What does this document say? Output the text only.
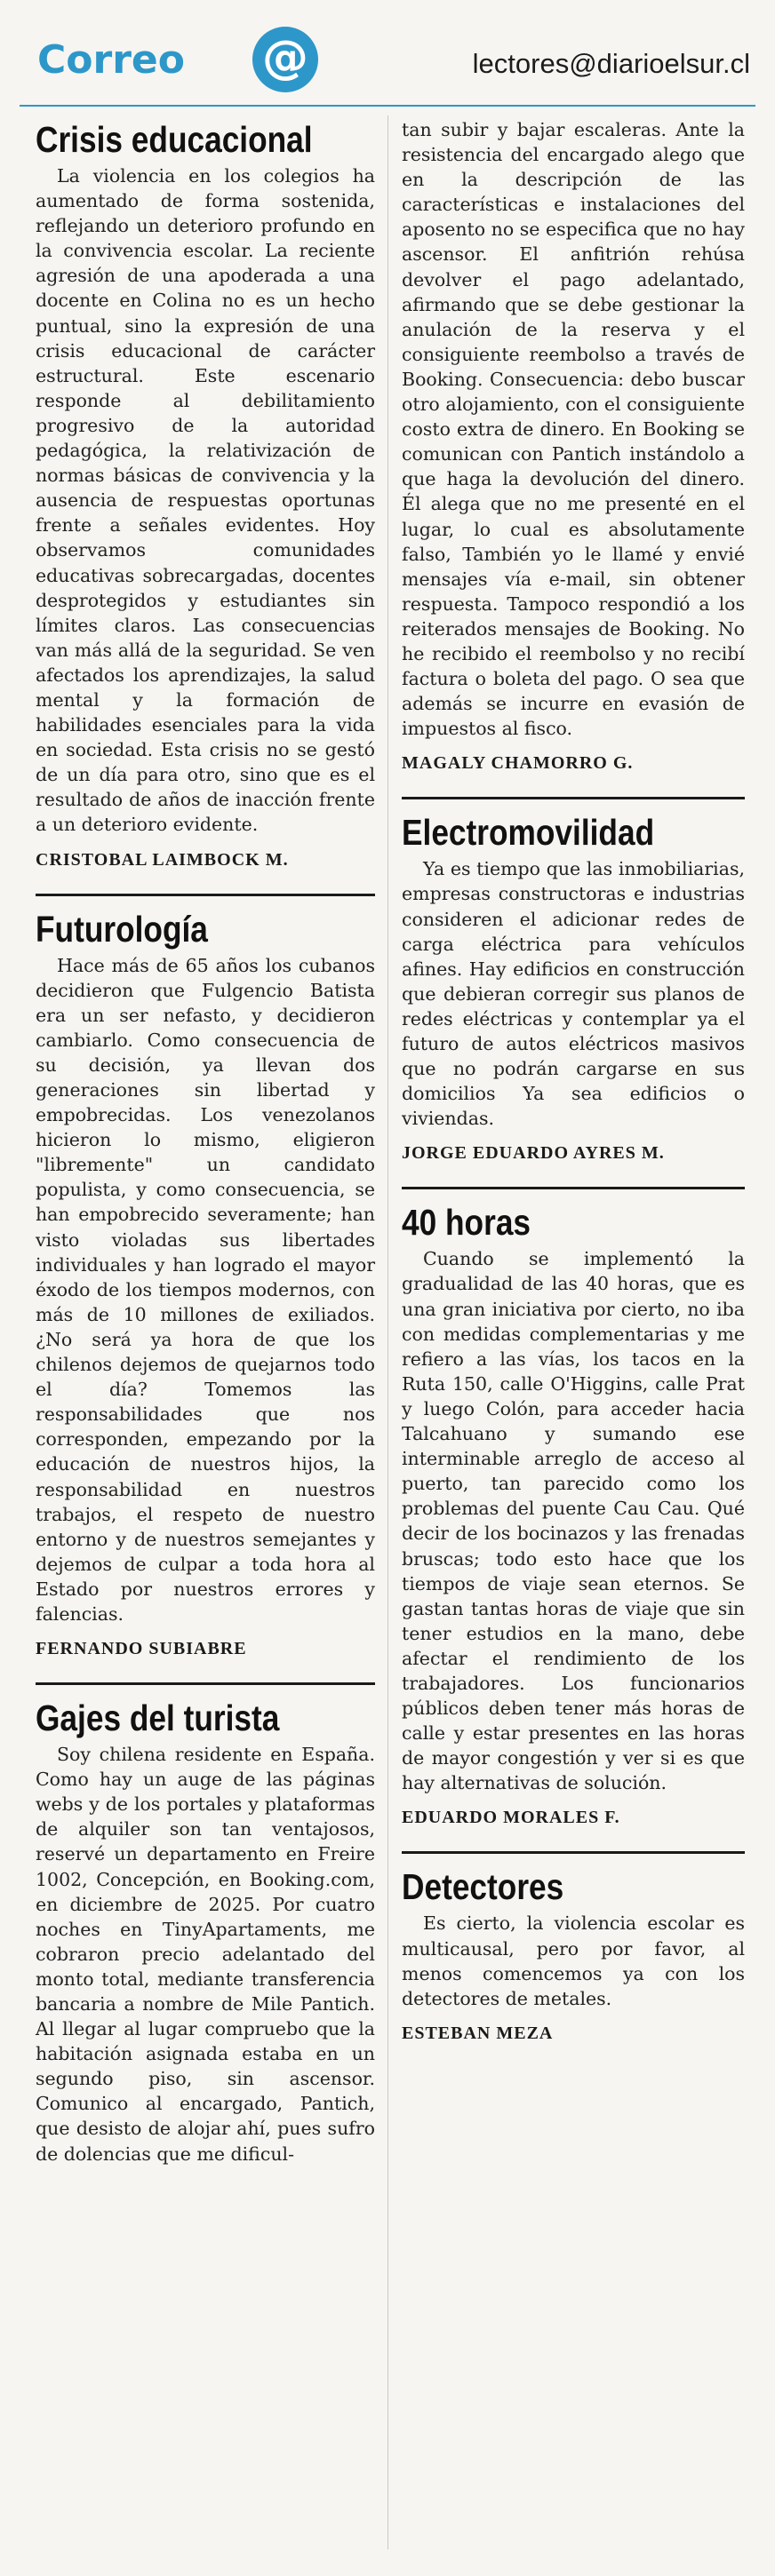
Correo @	lectores@diarioelsur.cl
Crisis educacional

La violencia en los colegios ha aumentado de forma sostenida, reflejando un deterioro profundo en la convivencia escolar. La reciente agresión de una apoderada a una docente en Colina no es un hecho puntual, sino la expresión de una crisis educacional de carácter estructural. Este escenario responde al debilitamiento progresivo de la autoridad pedagógica, la relativización de normas básicas de convivencia y la ausencia de respuestas oportunas frente a señales evidentes. Hoy observamos comunidades educativas sobrecargadas, docentes desprotegidos y estudiantes sin límites claros. Las consecuencias van más allá de la seguridad. Se ven afectados los aprendizajes, la salud mental y la formación de habilidades esenciales para la vida en sociedad. Esta crisis no se gestó de un día para otro, sino que es el resultado de años de inacción frente a un deterioro evidente.

CRISTOBAL LAIMBOCK M.
Futurología

Hace más de 65 años los cubanos decidieron que Fulgencio Batista era un ser nefasto, y decidieron cambiarlo. Como consecuencia de su decisión, ya llevan dos generaciones sin libertad y empobrecidas. Los venezolanos hicieron lo mismo, eligieron "libremente" un candidato populista, y como consecuencia, se han empobrecido severamente; han visto violadas sus libertades individuales y han logrado el mayor éxodo de los tiempos modernos, con más de 10 millones de exiliados. ¿No será ya hora de que los chilenos dejemos de quejarnos todo el día? Tomemos las responsabilidades que nos corresponden, empezando por la educación de nuestros hijos, la responsabilidad en nuestros trabajos, el respeto de nuestro entorno y de nuestros semejantes y dejemos de culpar a toda hora al Estado por nuestros errores y falencias.

FERNANDO SUBIABRE
Gajes del turista

Soy chilena residente en España. Como hay un auge de las páginas webs y de los portales y plataformas de alquiler son tan ventajosos, reservé un departamento en Freire 1002, Concepción, en Booking.com, en diciembre de 2025. Por cuatro noches en TinyApartaments, me cobraron precio adelantado del monto total, mediante transferencia bancaria a nombre de Mile Pantich. Al llegar al lugar compruebo que la habitación asignada estaba en un segundo piso, sin ascensor. Comunico al encargado, Pantich, que desisto de alojar ahí, pues sufro de dolencias que me dificul-

tan subir y bajar escaleras. Ante la resistencia del encargado alego que en la descripción de las características e instalaciones del aposento no se especifica que no hay ascensor. El anfitrión rehúsa devolver el pago adelantado, afirmando que se debe gestionar la anulación de la reserva y el consiguiente reembolso a través de Booking. Consecuencia: debo buscar otro alojamiento, con el consiguiente costo extra de dinero. En Booking se comunican con Pantich instándolo a que haga la devolución del dinero. Él alega que no me presenté en el lugar, lo cual es absolutamente falso, También yo le llamé y envié mensajes vía e-mail, sin obtener respuesta. Tampoco respondió a los reiterados mensajes de Booking. No he recibido el reembolso y no recibí factura o boleta del pago. O sea que además se incurre en evasión de impuestos al fisco.

MAGALY CHAMORRO G.
Electromovilidad

Ya es tiempo que las inmobiliarias, empresas constructoras e industrias consideren el adicionar redes de carga eléctrica para vehículos afines. Hay edificios en construcción que debieran corregir sus planos de redes eléctricas y contemplar ya el futuro de autos eléctricos masivos que no podrán cargarse en sus domicilios Ya sea edificios o viviendas.

JORGE EDUARDO AYRES M.
40 horas

Cuando se implementó la gradualidad de las 40 horas, que es una gran iniciativa por cierto, no iba con medidas complementarias y me refiero a las vías, los tacos en la Ruta 150, calle O'Higgins, calle Prat y luego Colón, para acceder hacia Talcahuano y sumando ese interminable arreglo de acceso al puerto, tan parecido como los problemas del puente Cau Cau. Qué decir de los bocinazos y las frenadas bruscas; todo esto hace que los tiempos de viaje sean eternos. Se gastan tantas horas de viaje que sin tener estudios en la mano, debe afectar el rendimiento de los trabajadores. Los funcionarios públicos deben tener más horas de calle y estar presentes en las horas de mayor congestión y ver si es que hay alternativas de solución.

EDUARDO MORALES F.
Detectores

Es cierto, la violencia escolar es multicausal, pero por favor, al menos comencemos ya con los detectores de metales.

ESTEBAN MEZA
